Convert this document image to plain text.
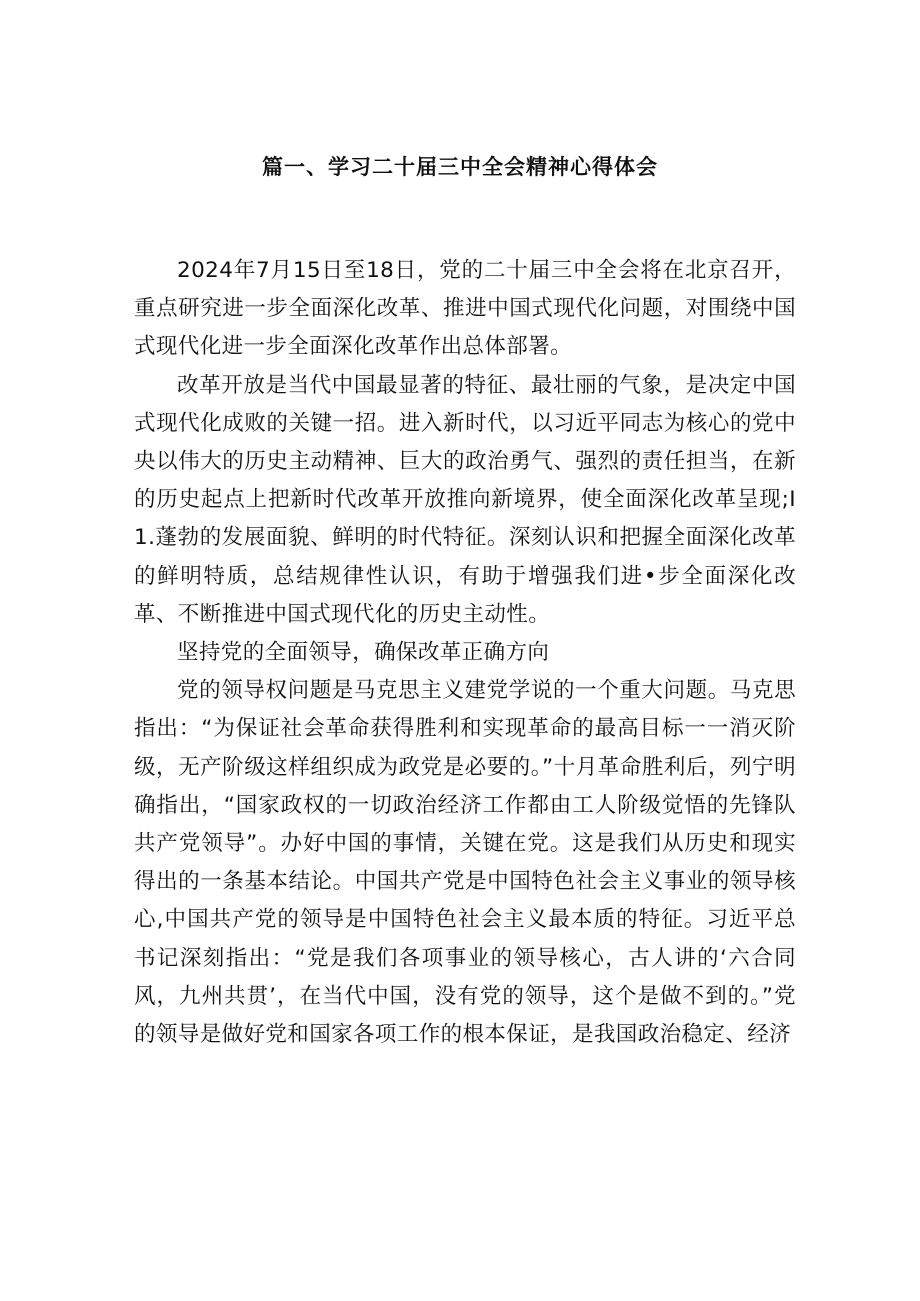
篇一、学习二十届三中全会精神心得体会

2024年7月15日至18日，党的二十届三中全会将在北京召开，重点研究进一步全面深化改革、推进中国式现代化问题，对围绕中国式现代化进一步全面深化改革作出总体部署。

改革开放是当代中国最显著的特征、最壮丽的气象，是决定中国式现代化成败的关键一招。进入新时代，以习近平同志为核心的党中央以伟大的历史主动精神、巨大的政治勇气、强烈的责任担当，在新的历史起点上把新时代改革开放推向新境界，使全面深化改革呈现;I1.蓬勃的发展面貌、鲜明的时代特征。深刻认识和把握全面深化改革的鲜明特质，总结规律性认识，有助于增强我们进•步全面深化改革、不断推进中国式现代化的历史主动性。

坚持党的全面领导，确保改革正确方向

党的领导权问题是马克思主义建党学说的一个重大问题。马克思指出：“为保证社会革命获得胜利和实现革命的最高目标一一消灭阶级，无产阶级这样组织成为政党是必要的。”十月革命胜利后，列宁明确指出，“国家政权的一切政治经济工作都由工人阶级觉悟的先锋队共产党领导”。办好中国的事情，关键在党。这是我们从历史和现实得出的一条基本结论。中国共产党是中国特色社会主义事业的领导核心,中国共产党的领导是中国特色社会主义最本质的特征。习近平总书记深刻指出：“党是我们各项事业的领导核心，古人讲的‘六合同风，九州共贯’，在当代中国，没有党的领导，这个是做不到的。”党的领导是做好党和国家各项工作的根本保证，是我国政治稳定、经济
